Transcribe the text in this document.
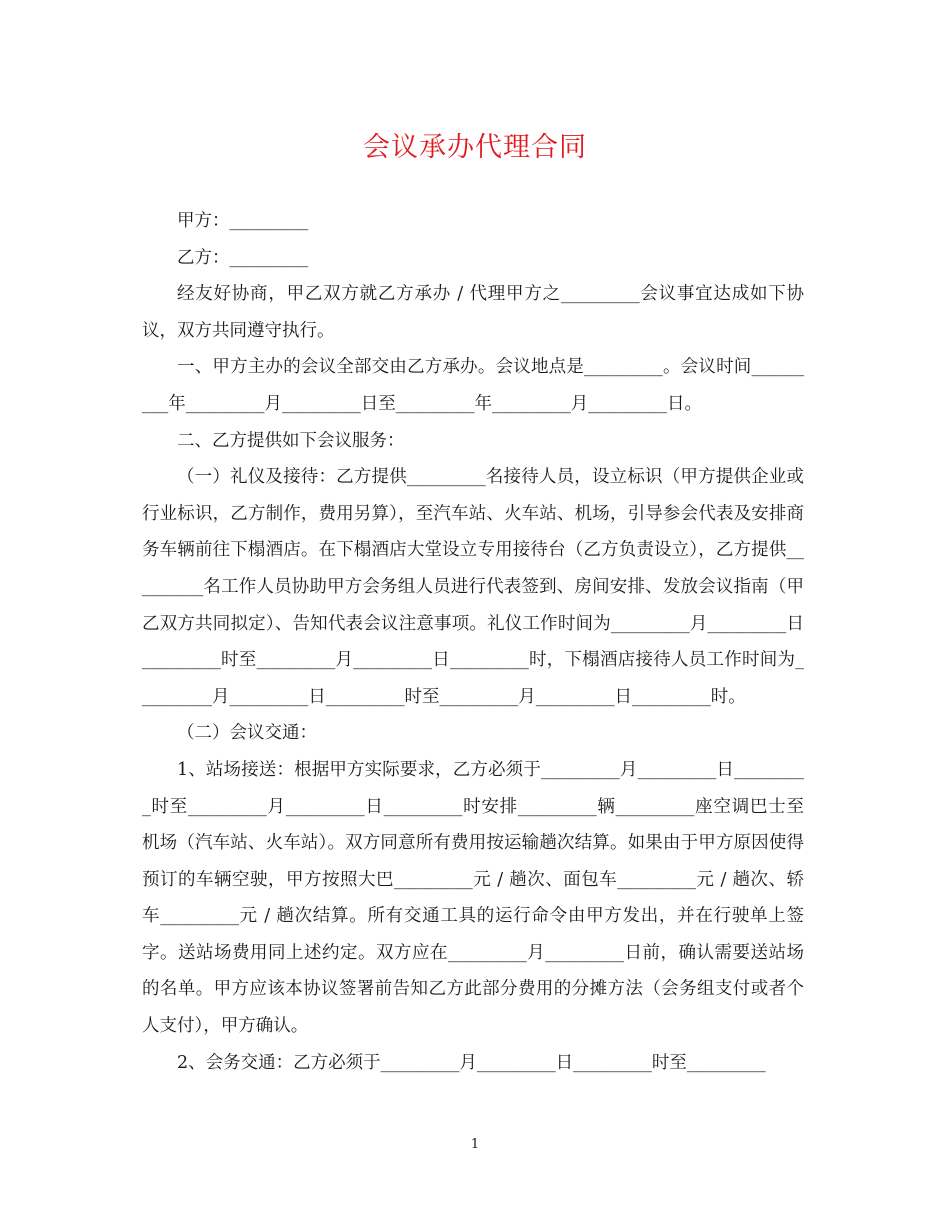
会议承办代理合同

甲方：_________

乙方：_________

经友好协商，甲乙双方就乙方承办 / 代理甲方之_________会议事宜达成如下协议，双方共同遵守执行。

一、甲方主办的会议全部交由乙方承办。会议地点是_________。会议时间_________年_________月_________日至_________年_________月_________日。

二、乙方提供如下会议服务：

（一）礼仪及接待：乙方提供_________名接待人员，设立标识（甲方提供企业或行业标识，乙方制作，费用另算），至汽车站、火车站、机场，引导参会代表及安排商务车辆前往下榻酒店。在下榻酒店大堂设立专用接待台（乙方负责设立），乙方提供_________名工作人员协助甲方会务组人员进行代表签到、房间安排、发放会议指南（甲乙双方共同拟定）、告知代表会议注意事项。礼仪工作时间为_________月_________日_________时至_________月_________日_________时，下榻酒店接待人员工作时间为_________月_________日_________时至_________月_________日_________时。

（二）会议交通：

1、站场接送：根据甲方实际要求，乙方必须于_________月_________日_________时至_________月_________日_________时安排_________辆_________座空调巴士至机场（汽车站、火车站）。双方同意所有费用按运输趟次结算。如果由于甲方原因使得预订的车辆空驶，甲方按照大巴_________元 / 趟次、面包车_________元 / 趟次、轿车_________元 / 趟次结算。所有交通工具的运行命令由甲方发出，并在行驶单上签字。送站场费用同上述约定。双方应在_________月_________日前，确认需要送站场的名单。甲方应该本协议签署前告知乙方此部分费用的分摊方法（会务组支付或者个人支付），甲方确认。

2、会务交通：乙方必须于_________月_________日_________时至_________

1
